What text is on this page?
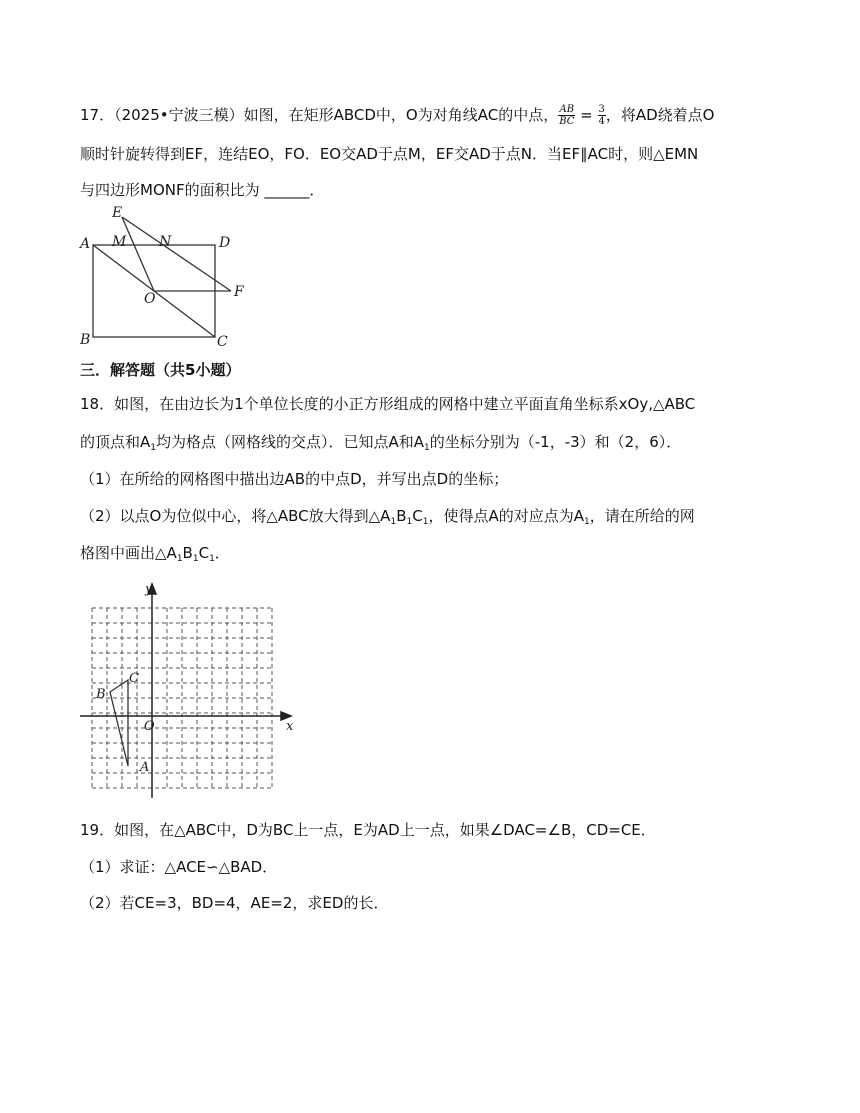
17．（2025•宁波三模）如图，在矩形ABCD中，O为对角线AC的中点， $\frac{AB}{BC} = \frac{3}{4}$ ，将AD绕着点O
顺时针旋转得到EF，连结EO，FO．EO交AD于点M，EF交AD于点N．当EF∥AC时，则△EMN
与四边形MONF的面积比为 ______．
E
A M N	D
O	F
B	C
三．解答题（共5小题）
18．如图，在由边长为1个单位长度的小正方形组成的网格中建立平面直角坐标系xOy,△ABC
的顶点和$A_1$均为格点（网格线的交点）．已知点A和$A_1$的坐标分别为（-1，-3）和（2，6）．
（1）在所给的网格图中描出边AB的中点D，并写出点D的坐标；
（2）以点O为位似中心，将△ABC放大得到$\triangle A_1B_1C_1$，使得点A的对应点为$A_1$，请在所给的网
格图中画出$\triangle A_1B_1C_1$．
y
x
O
B
C
A
19．如图，在△ABC中，D为BC上一点，E为AD上一点，如果∠DAC=∠B，CD=CE．
（1）求证：△ACE∽△BAD．
（2）若CE=3，BD=4，AE=2，求ED的长．
